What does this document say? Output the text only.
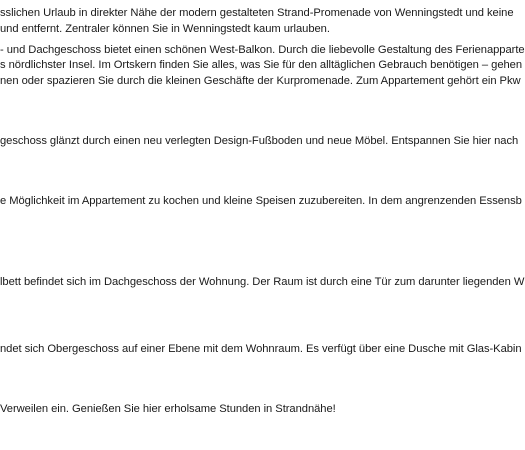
sslichen Urlaub in direkter Nähe der modern gestalteten Strand-Promenade von Wenningstedt und keine

und entfernt. Zentraler können Sie in Wenningstedt kaum urlauben.

- und Dachgeschoss bietet einen schönen West-Balkon. Durch die liebevolle Gestaltung des Ferienapparte

s nördlichster Insel. Im Ortskern finden Sie alles, was Sie für den alltäglichen Gebrauch benötigen – gehen

nen oder spazieren Sie durch die kleinen Geschäfte der Kurpromenade. Zum Appartement gehört ein Pkw

geschoss glänzt durch einen neu verlegten Design-Fußboden und neue Möbel. Entspannen Sie hier nach

e Möglichkeit im Appartement zu kochen und kleine Speisen zuzubereiten. In dem angrenzenden Essensb

lbett befindet sich im Dachgeschoss der Wohnung. Der Raum ist durch eine Tür zum darunter liegenden W

ndet sich Obergeschoss auf einer Ebene mit dem Wohnraum. Es verfügt über eine Dusche mit Glas-Kabin

Verweilen ein. Genießen Sie hier erholsame Stunden in Strandnähe!
